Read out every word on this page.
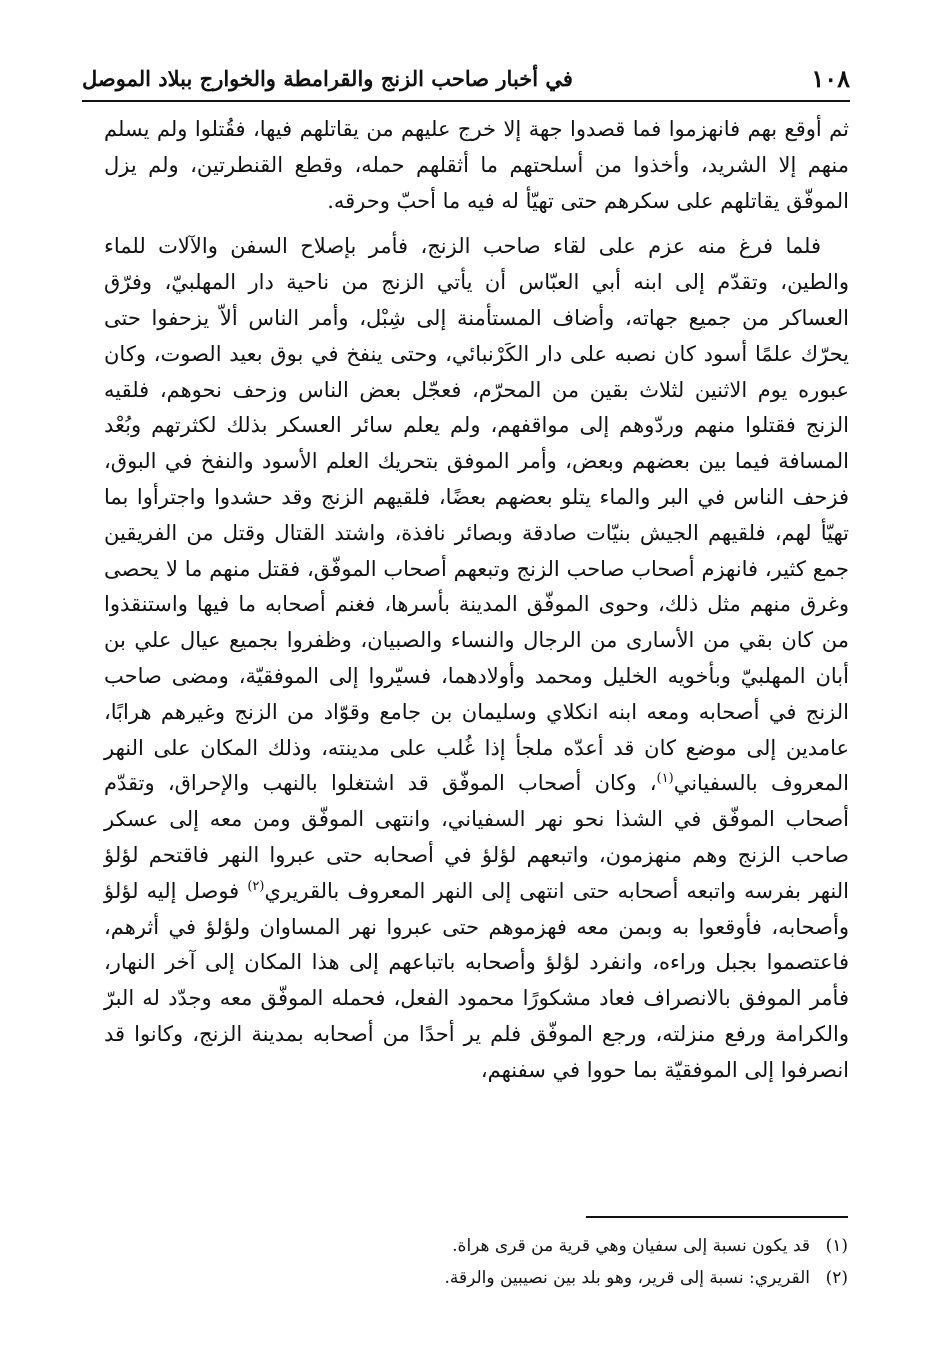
١٠٨
في أخبار صاحب الزنج والقرامطة والخوارج ببلاد الموصل

ثم أوقع بهم فانهزموا فما قصدوا جهة إلا خرج عليهم من يقاتلهم فيها، فقُتلوا ولم يسلم منهم إلا الشريد، وأخذوا من أسلحتهم ما أثقلهم حمله، وقطع القنطرتين، ولم يزل الموفّق يقاتلهم على سكرهم حتى تهيّأ له فيه ما أحبّ وحرقه.

فلما فرغ منه عزم على لقاء صاحب الزنج، فأمر بإصلاح السفن والآلات للماء والطين، وتقدّم إلى ابنه أبي العبّاس أن يأتي الزنج من ناحية دار المهلبيّ، وفرّق العساكر من جميع جهاته، وأضاف المستأمنة إلى شِبْل، وأمر الناس ألاّ يزحفوا حتى يحرّك علمًا أسود كان نصبه على دار الكَرْنبائي، وحتى ينفخ في بوق بعيد الصوت، وكان عبوره يوم الاثنين لثلاث بقين من المحرّم، فعجّل بعض الناس وزحف نحوهم، فلقيه الزنج فقتلوا منهم وردّوهم إلى مواقفهم، ولم يعلم سائر العسكر بذلك لكثرتهم وبُعْد المسافة فيما بين بعضهم وبعض، وأمر الموفق بتحريك العلم الأسود والنفخ في البوق، فزحف الناس في البر والماء يتلو بعضهم بعضًا، فلقيهم الزنج وقد حشدوا واجترأوا بما تهيّأ لهم، فلقيهم الجيش بنيّات صادقة وبصائر نافذة، واشتد القتال وقتل من الفريقين جمع كثير، فانهزم أصحاب صاحب الزنج وتبعهم أصحاب الموفّق، فقتل منهم ما لا يحصى وغرق منهم مثل ذلك، وحوى الموفّق المدينة بأسرها، فغنم أصحابه ما فيها واستنقذوا من كان بقي من الأسارى من الرجال والنساء والصبيان، وظفروا بجميع عيال علي بن أبان المهلبيّ وبأخويه الخليل ومحمد وأولادهما، فسيّروا إلى الموفقيّة، ومضى صاحب الزنج في أصحابه ومعه ابنه انكلاي وسليمان بن جامع وقوّاد من الزنج وغيرهم هرابًا، عامدين إلى موضع كان قد أعدّه ملجأ إذا غُلب على مدينته، وذلك المكان على النهر المعروف بالسفياني$^{(١)}$، وكان أصحاب الموفّق قد اشتغلوا بالنهب والإحراق، وتقدّم أصحاب الموفّق في الشذا نحو نهر السفياني، وانتهى الموفّق ومن معه إلى عسكر صاحب الزنج وهم منهزمون، واتبعهم لؤلؤ في أصحابه حتى عبروا النهر فاقتحم لؤلؤ النهر بفرسه واتبعه أصحابه حتى انتهى إلى النهر المعروف بالقريري$^{(٢)}$ فوصل إليه لؤلؤ وأصحابه، فأوقعوا به وبمن معه فهزموهم حتى عبروا نهر المساوان ولؤلؤ في أثرهم، فاعتصموا بجبل وراءه، وانفرد لؤلؤ وأصحابه باتباعهم إلى هذا المكان إلى آخر النهار، فأمر الموفق بالانصراف فعاد مشكورًا محمود الفعل، فحمله الموفّق معه وجدّد له البرّ والكرامة ورفع منزلته، ورجع الموفّق فلم ير أحدًا من أصحابه بمدينة الزنج، وكانوا قد انصرفوا إلى الموفقيّة بما حووا في سفنهم،

(١)قد يكون نسبة إلى سفيان وهي قرية من قرى هراة.
(٢)القريري: نسبة إلى قرير، وهو بلد بين نصيبين والرقة.
